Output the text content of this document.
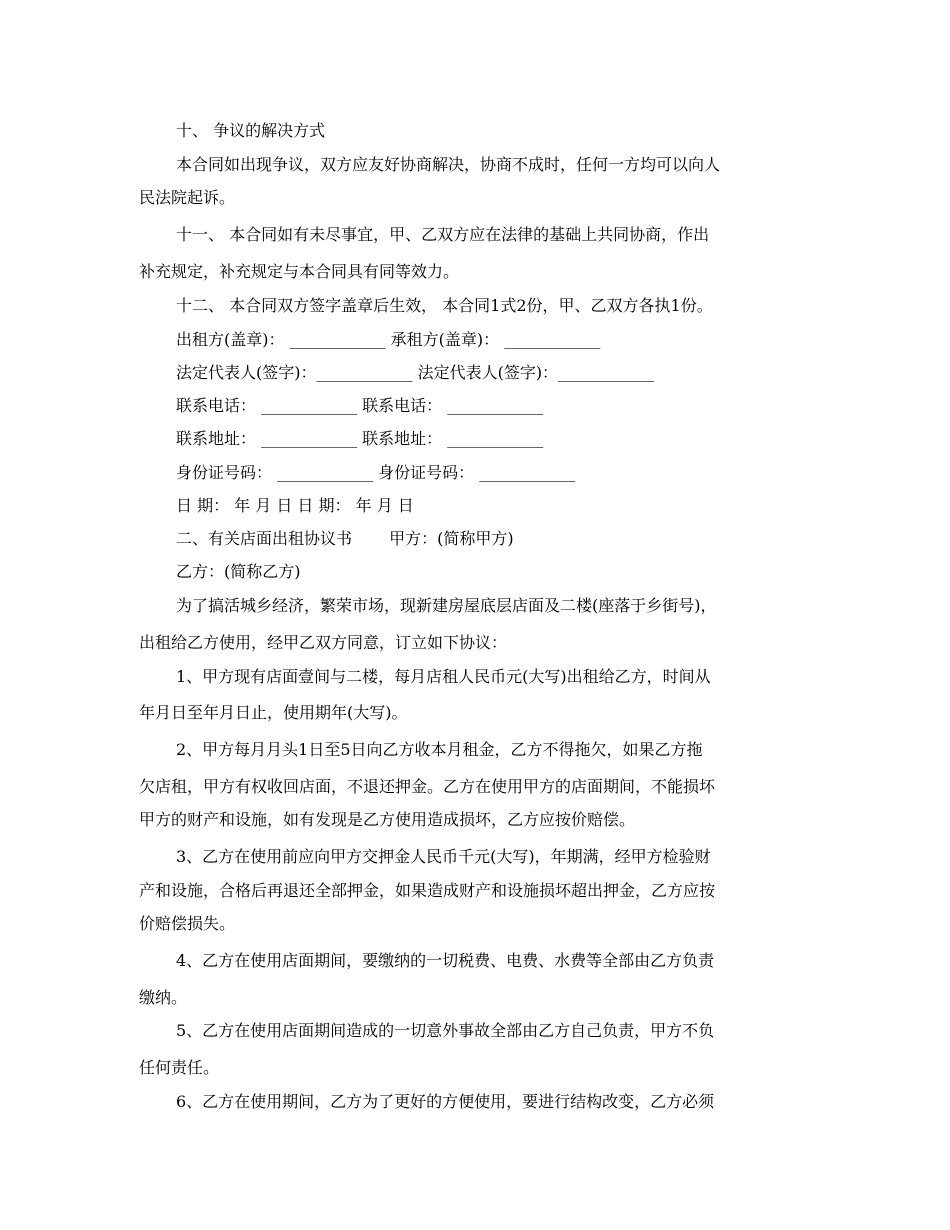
十、 争议的解决方式
本合同如出现争议，双方应友好协商解决，协商不成时，任何一方均可以向人
民法院起诉。
十一、 本合同如有未尽事宜，甲、乙双方应在法律的基础上共同协商，作出
补充规定，补充规定与本合同具有同等效力。
十二、 本合同双方签字盖章后生效， 本合同1式2份，甲、乙双方各执1份。
出租方(盖章)： ____________ 承租方(盖章)： ____________
法定代表人(签字)：____________ 法定代表人(签字)：____________
联系电话： ____________ 联系电话： ____________
联系地址： ____________ 联系地址： ____________
身份证号码： ____________ 身份证号码： ____________
日 期： 年 月 日 日 期： 年 月 日
二、有关店面出租协议书　　 甲方：(简称甲方)
乙方：(简称乙方)
为了搞活城乡经济，繁荣市场，现新建房屋底层店面及二楼(座落于乡街号)，
出租给乙方使用，经甲乙双方同意，订立如下协议：
1、甲方现有店面壹间与二楼，每月店租人民币元(大写)出租给乙方，时间从
年月日至年月日止，使用期年(大写)。
2、甲方每月月头1日至5日向乙方收本月租金，乙方不得拖欠，如果乙方拖
欠店租，甲方有权收回店面，不退还押金。乙方在使用甲方的店面期间，不能损坏
甲方的财产和设施，如有发现是乙方使用造成损坏，乙方应按价赔偿。
3、乙方在使用前应向甲方交押金人民币千元(大写)，年期满，经甲方检验财
产和设施，合格后再退还全部押金，如果造成财产和设施损坏超出押金，乙方应按
价赔偿损失。
4、乙方在使用店面期间，要缴纳的一切税费、电费、水费等全部由乙方负责
缴纳。
5、乙方在使用店面期间造成的一切意外事故全部由乙方自己负责，甲方不负
任何责任。
6、乙方在使用期间，乙方为了更好的方便使用，要进行结构改变，乙方必须
